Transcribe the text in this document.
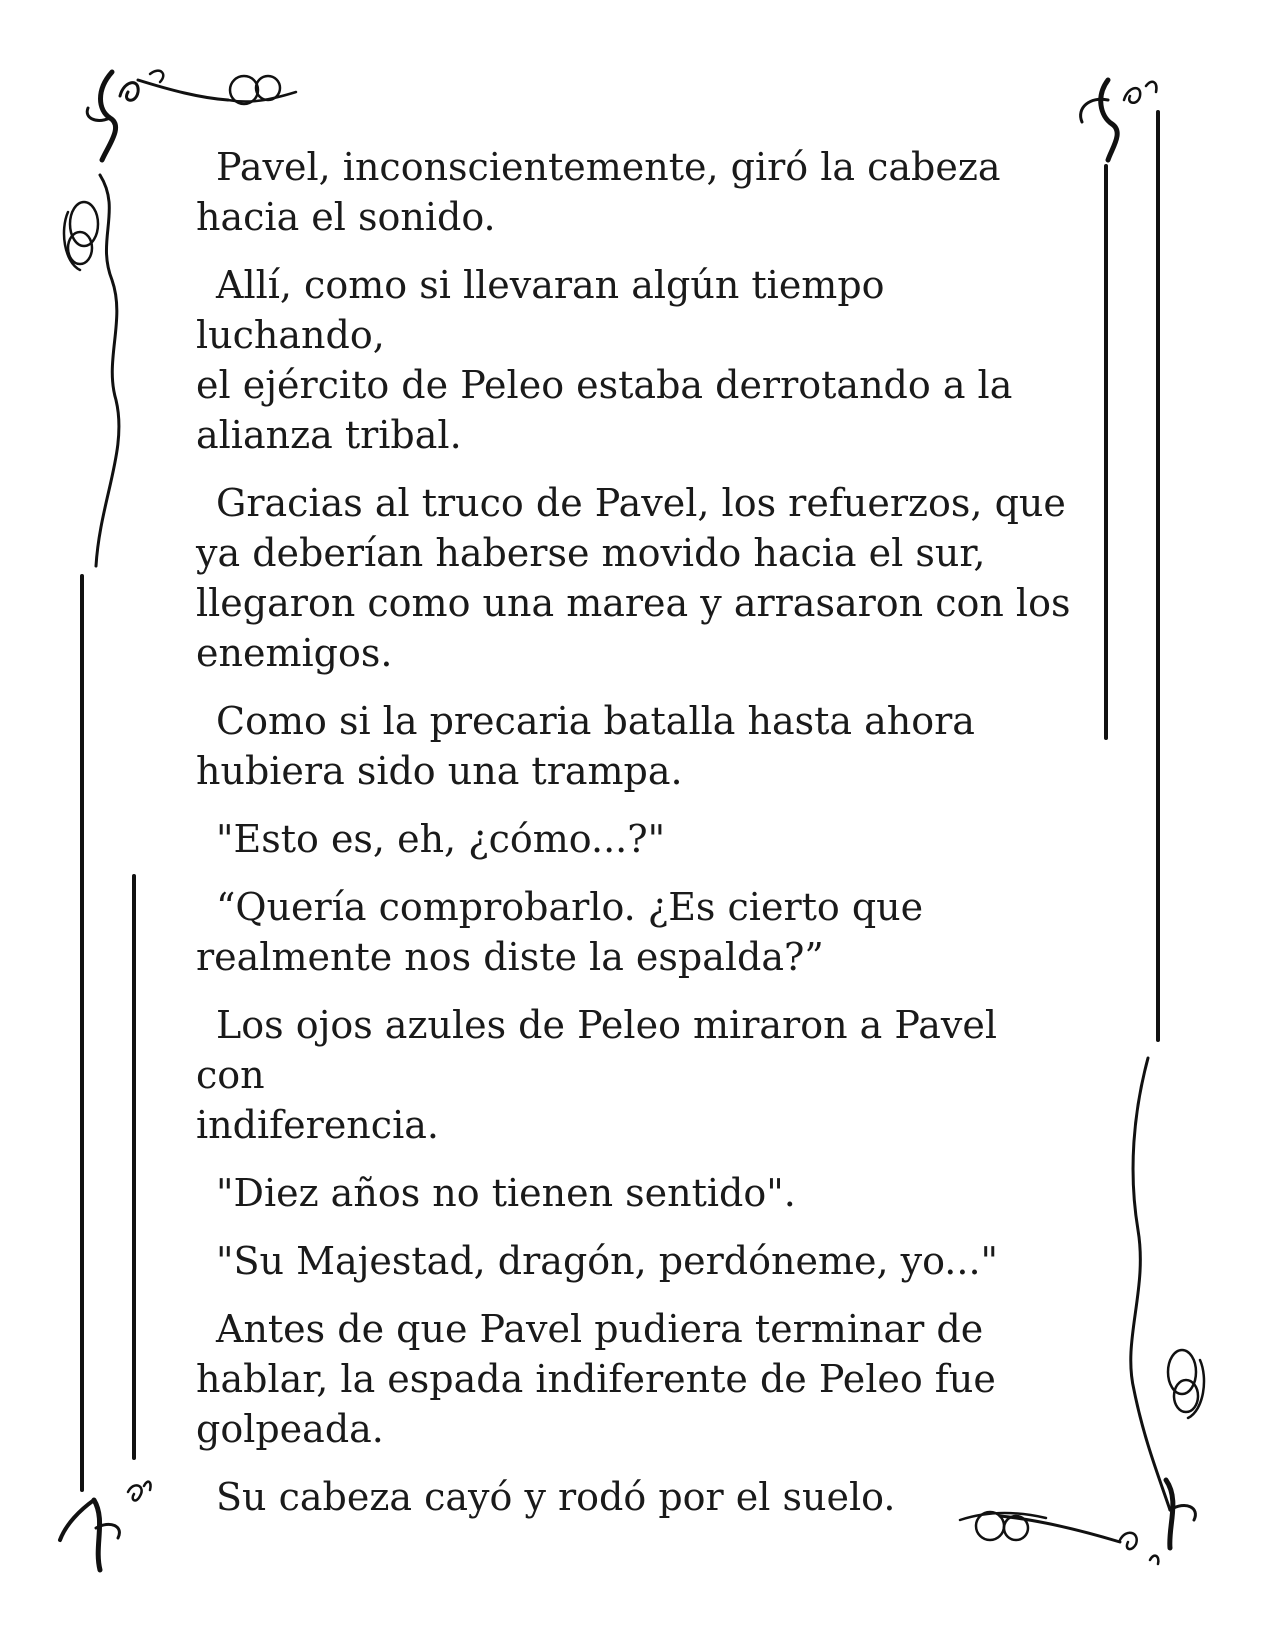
Pavel, inconscientemente, giró la cabeza
hacia el sonido.
Allí, como si llevaran algún tiempo luchando,
el ejército de Peleo estaba derrotando a la
alianza tribal.
Gracias al truco de Pavel, los refuerzos, que
ya deberían haberse movido hacia el sur,
llegaron como una marea y arrasaron con los
enemigos.
Como si la precaria batalla hasta ahora
hubiera sido una trampa.
"Esto es, eh, ¿cómo...?"
“Quería comprobarlo. ¿Es cierto que
realmente nos diste la espalda?”
Los ojos azules de Peleo miraron a Pavel con
indiferencia.
"Diez años no tienen sentido".
"Su Majestad, dragón, perdóneme, yo..."
Antes de que Pavel pudiera terminar de
hablar, la espada indiferente de Peleo fue
golpeada.
Su cabeza cayó y rodó por el suelo.
